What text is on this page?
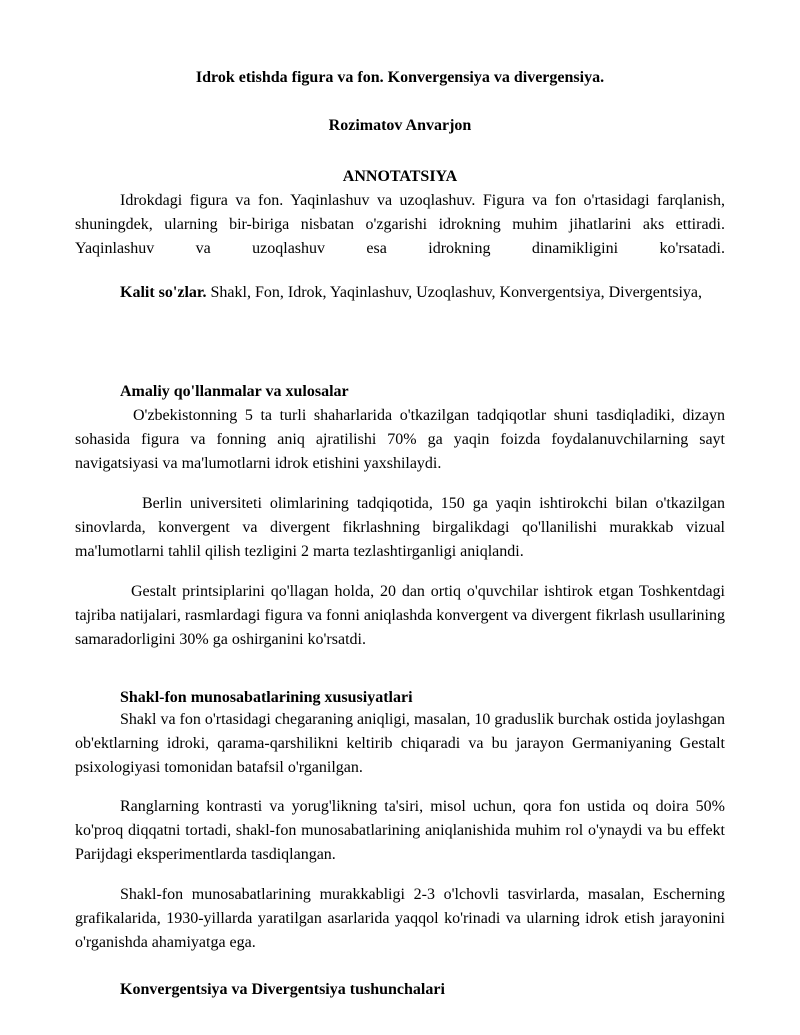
Idrok etishda figura va fon. Konvergensiya va divergensiya.

Rozimatov Anvarjon

ANNOTATSIYA

Idrokdagi figura va fon. Yaqinlashuv va uzoqlashuv. Figura va fon o'rtasidagi farqlanish, shuningdek, ularning bir-biriga nisbatan o'zgarishi idrokning muhim jihatlarini aks ettiradi. Yaqinlashuv va uzoqlashuv esa idrokning dinamikligini ko'rsatadi.

Kalit so'zlar. Shakl, Fon, Idrok, Yaqinlashuv, Uzoqlashuv, Konvergentsiya, Divergentsiya,

Amaliy qo'llanmalar va xulosalar

O'zbekistonning 5 ta turli shaharlarida o'tkazilgan tadqiqotlar shuni tasdiqladiki, dizayn sohasida figura va fonning aniq ajratilishi 70% ga yaqin foizda foydalanuvchilarning sayt navigatsiyasi va ma'lumotlarni idrok etishini yaxshilaydi.

Berlin universiteti olimlarining tadqiqotida, 150 ga yaqin ishtirokchi bilan o'tkazilgan sinovlarda, konvergent va divergent fikrlashning birgalikdagi qo'llanilishi murakkab vizual ma'lumotlarni tahlil qilish tezligini 2 marta tezlashtirganligi aniqlandi.

Gestalt printsiplarini qo'llagan holda, 20 dan ortiq o'quvchilar ishtirok etgan Toshkentdagi tajriba natijalari, rasmlardagi figura va fonni aniqlashda konvergent va divergent fikrlash usullarining samaradorligini 30% ga oshirganini ko'rsatdi.

Shakl-fon munosabatlarining xususiyatlari

Shakl va fon o'rtasidagi chegaraning aniqligi, masalan, 10 graduslik burchak ostida joylashgan ob'ektlarning idroki, qarama-qarshilikni keltirib chiqaradi va bu jarayon Germaniyaning Gestalt psixologiyasi tomonidan batafsil o'rganilgan.

Ranglarning kontrasti va yorug'likning ta'siri, misol uchun, qora fon ustida oq doira 50% ko'proq diqqatni tortadi, shakl-fon munosabatlarining aniqlanishida muhim rol o'ynaydi va bu effekt Parijdagi eksperimentlarda tasdiqlangan.

Shakl-fon munosabatlarining murakkabligi 2-3 o'lchovli tasvirlarda, masalan, Escherning grafikalarida, 1930-yillarda yaratilgan asarlarida yaqqol ko'rinadi va ularning idrok etish jarayonini o'rganishda ahamiyatga ega.

Konvergentsiya va Divergentsiya tushunchalari
